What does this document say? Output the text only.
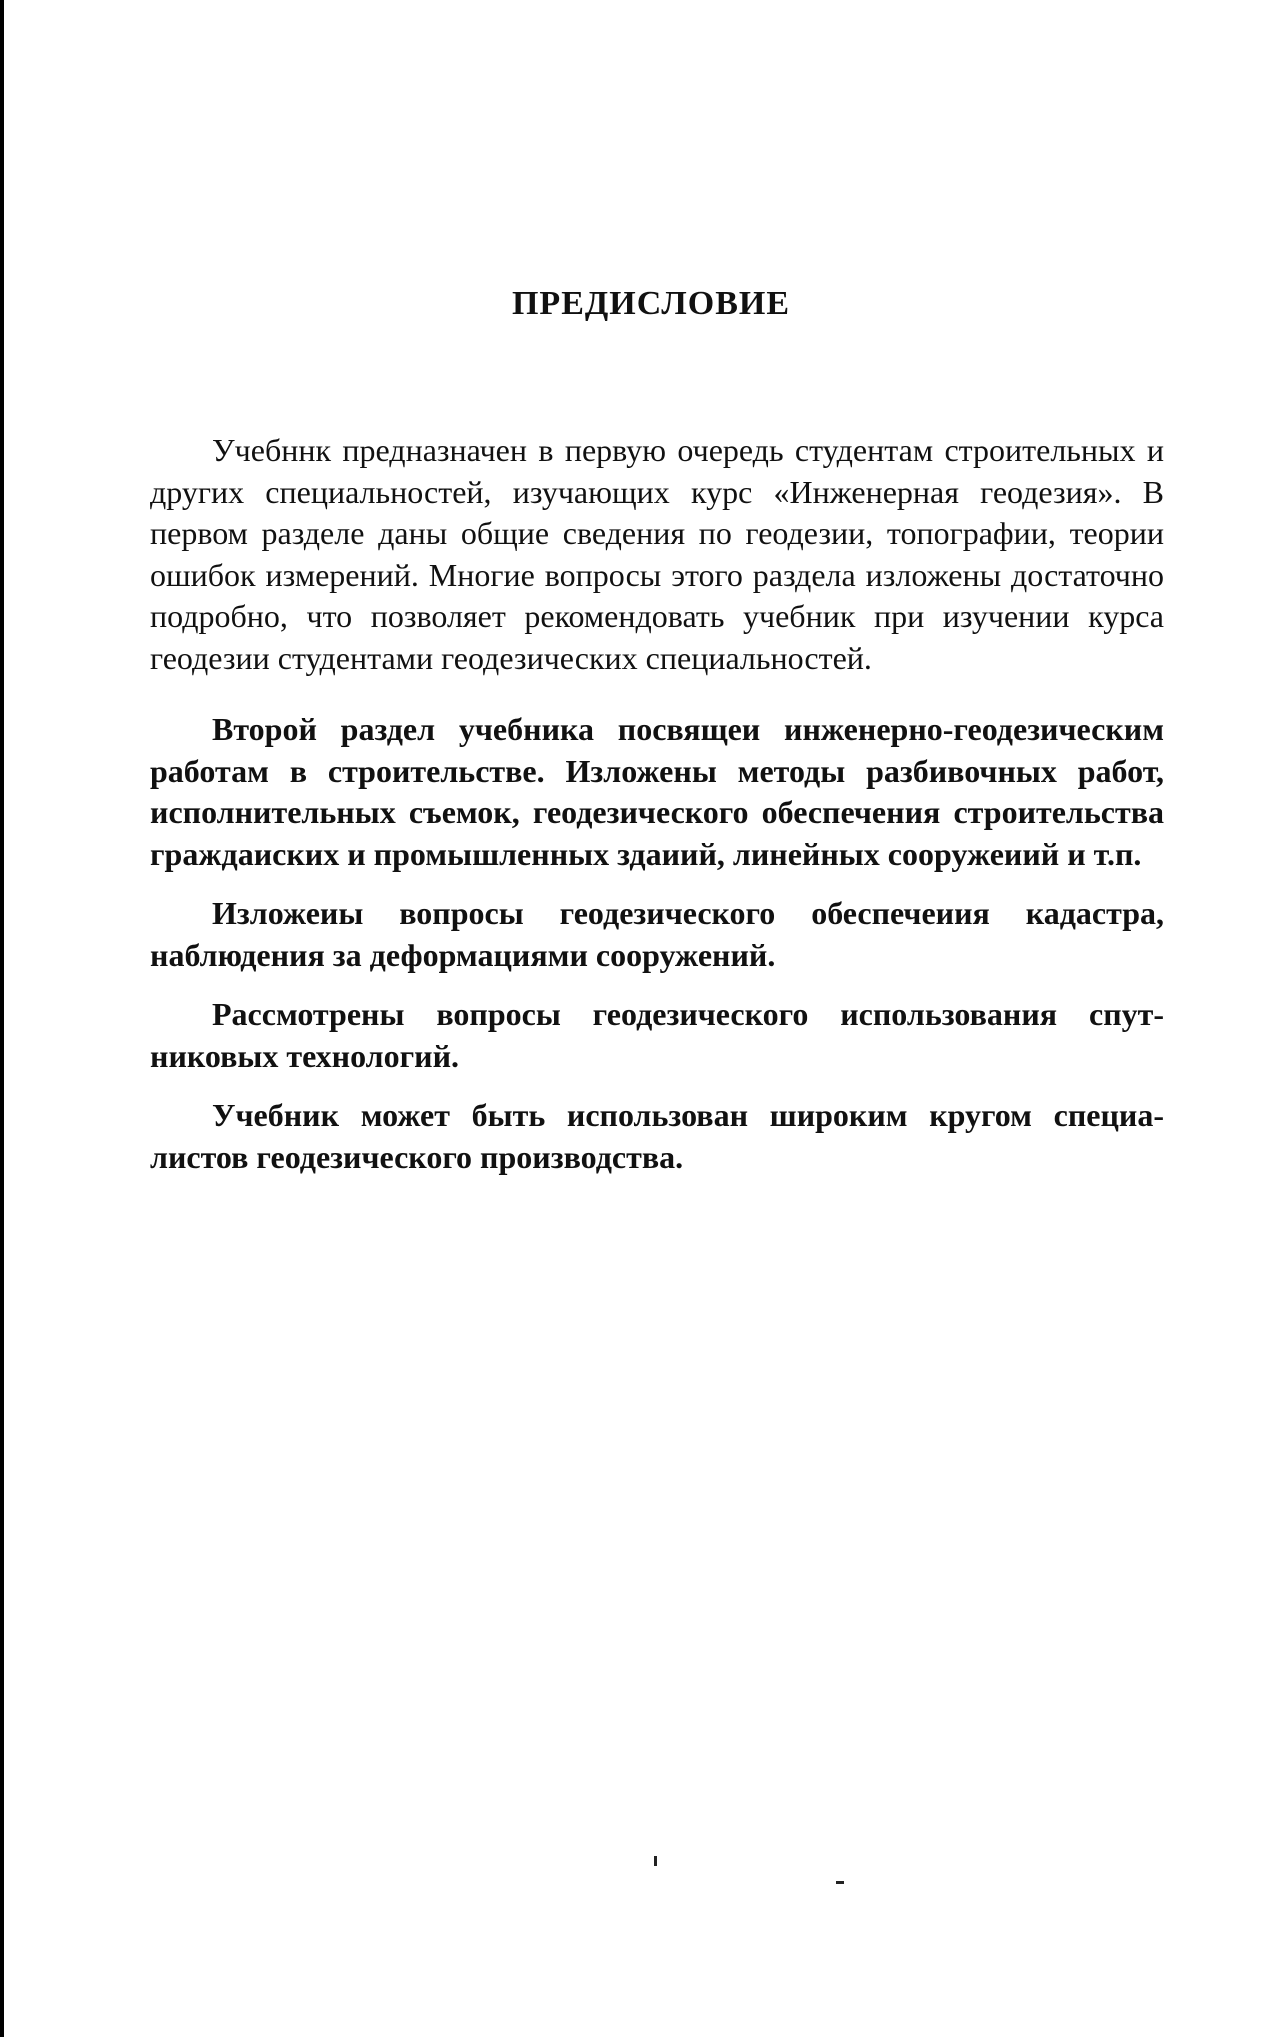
ПРЕДИСЛОВИЕ

Учебннк предназначен в первую очередь студентам строительных и других специальностей, изучающих курс «Инженерная геодезия». В первом разделе даны общие сведения по геодезии, топографии, теории ошибок измерений. Многие вопросы этого раздела изложены достаточно подробно, что позволяет рекомендовать учебник при изучении курса геодезии студентами геодезических специальностей.

Второй раздел учебника посвящеи инженерно-геодезическим работам в строительстве. Изложены методы разбивочных работ, исполнительных съемок, геодезического обеспечения строительства граждаиских и промышленных здаиий, линейных сооружеиий и т.п.

Изложеиы вопросы геодезического обеспечеиия кадастра, наблюдения за деформациями сооружений.

Рассмотрены вопросы геодезического использования спутниковых технологий.

Учебник может быть использован широким кругом специалистов геодезического производства.
